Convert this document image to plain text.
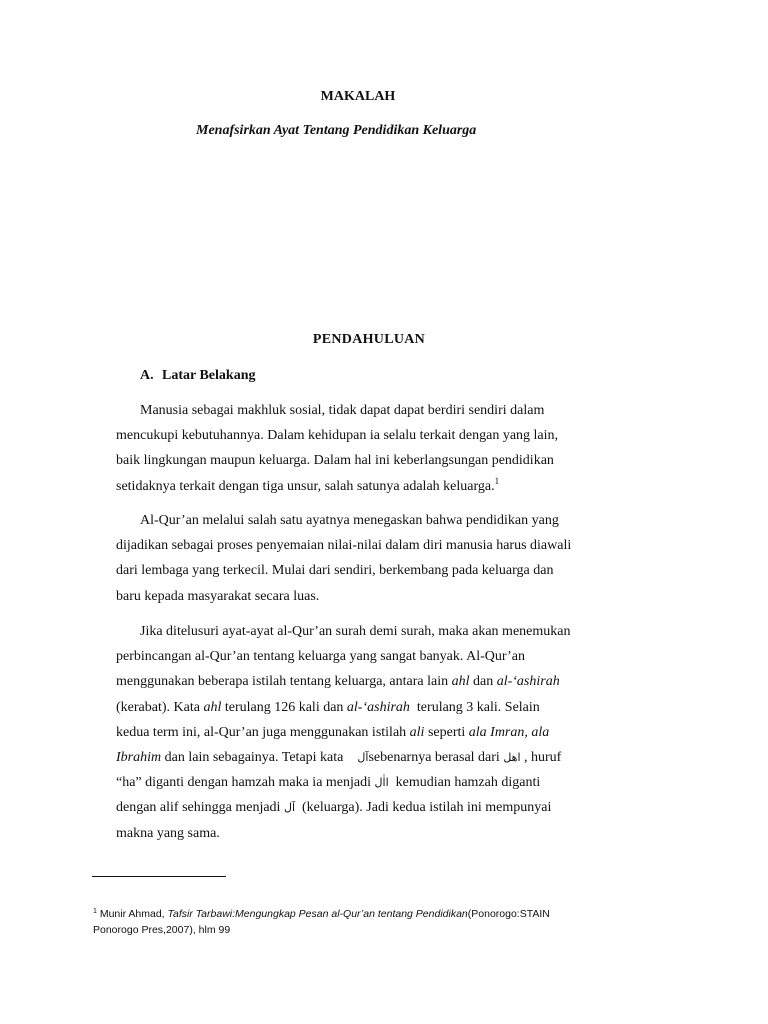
MAKALAH
Menafsirkan Ayat Tentang Pendidikan Keluarga
PENDAHULUAN
A. Latar Belakang

Manusia sebagai makhluk sosial, tidak dapat dapat berdiri sendiri dalam
mencukupi kebutuhannya. Dalam kehidupan ia selalu terkait dengan yang lain,
baik lingkungan maupun keluarga. Dalam hal ini keberlangsungan pendidikan
setidaknya terkait dengan tiga unsur, salah satunya adalah keluarga.$^1$

Al-Qur’an melalui salah satu ayatnya menegaskan bahwa pendidikan yang
dijadikan sebagai proses penyemaian nilai-nilai dalam diri manusia harus diawali
dari lembaga yang terkecil. Mulai dari sendiri, berkembang pada keluarga dan
baru kepada masyarakat secara luas.

Jika ditelusuri ayat-ayat al-Qur’an surah demi surah, maka akan menemukan
perbincangan al-Qur’an tentang keluarga yang sangat banyak. Al-Qur’an
menggunakan beberapa istilah tentang keluarga, antara lain ahl dan al-‘ashirah
(kerabat). Kata ahl terulang 126 kali dan al-‘ashirah  terulang 3 kali. Selain
kedua term ini, al-Qur’an juga menggunakan istilah ali seperti ala Imran, ala
Ibrahim dan lain sebagainya. Tetapi kata    آلsebenarnya berasal dari اهل , huruf
“ha” diganti dengan hamzah maka ia menjadi ااٰل  kemudian hamzah diganti
dengan alif sehingga menjadi آل  (keluarga). Jadi kedua istilah ini mempunyai
makna yang sama.

$^1$ Munir Ahmad, Tafsir Tarbawi:Mengungkap Pesan al-Qur’an tentang Pendidikan(Ponorogo:STAIN
Ponorogo Pres,2007), hlm 99
